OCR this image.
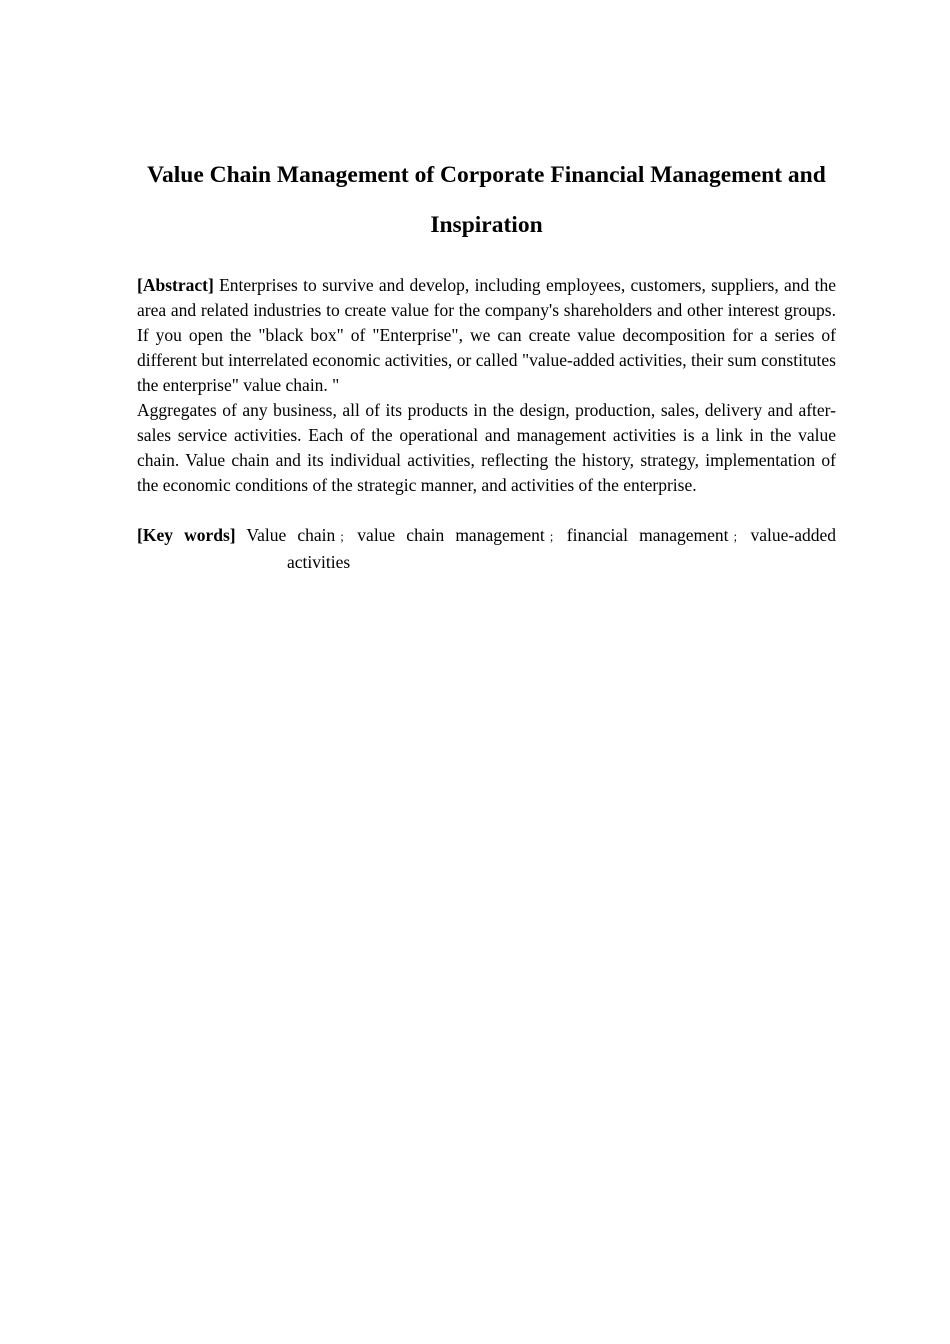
Value Chain Management of Corporate Financial Management and Inspiration

[Abstract] Enterprises to survive and develop, including employees, customers, suppliers, and the area and related industries to create value for the company's shareholders and other interest groups. If you open the "black box" of "Enterprise", we can create value decomposition for a series of different but interrelated economic activities, or called "value-added activities, their sum constitutes the enterprise" value chain. "

Aggregates of any business, all of its products in the design, production, sales, delivery and after-sales service activities. Each of the operational and management activities is a link in the value chain. Value chain and its individual activities, reflecting the history, strategy, implementation of the economic conditions of the strategic manner, and activities of the enterprise.

[Key words] Value chain ； value chain management ； financial management ； value-added activities
